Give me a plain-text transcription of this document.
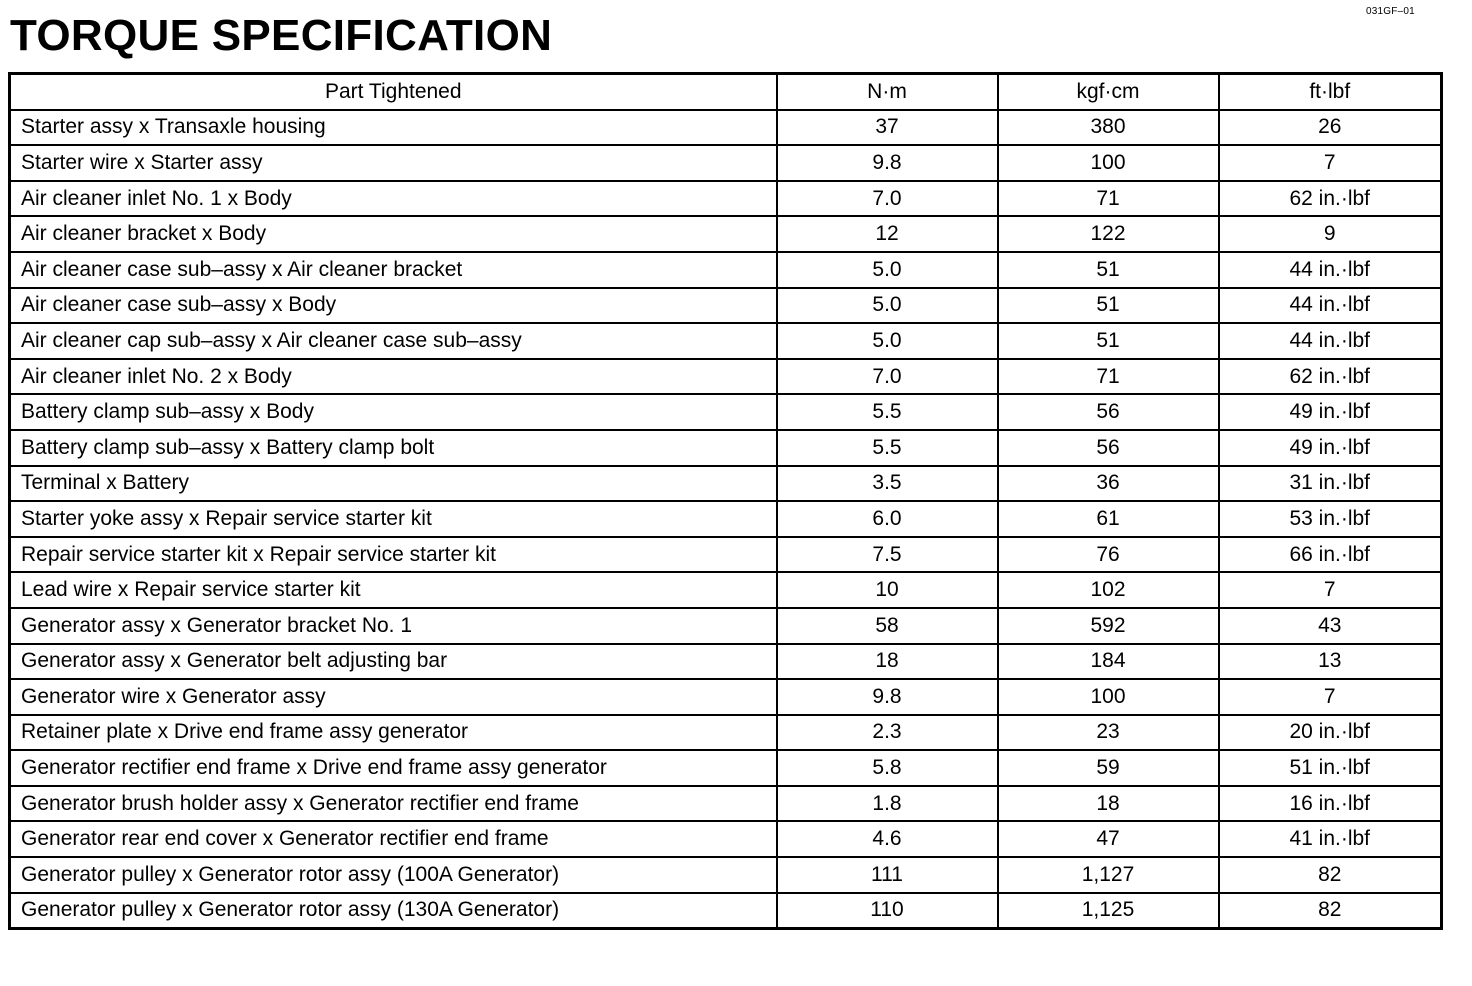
031GF–01
TORQUE SPECIFICATION
Part Tightened	N·m	kgf·cm	ft·lbf
Starter assy x Transaxle housing	37	380	26
Starter wire x Starter assy	9.8	100	7
Air cleaner inlet No. 1 x Body	7.0	71	62 in.·lbf
Air cleaner bracket x Body	12	122	9
Air cleaner case sub–assy x Air cleaner bracket	5.0	51	44 in.·lbf
Air cleaner case sub–assy x Body	5.0	51	44 in.·lbf
Air cleaner cap sub–assy x Air cleaner case sub–assy	5.0	51	44 in.·lbf
Air cleaner inlet No. 2 x Body	7.0	71	62 in.·lbf
Battery clamp sub–assy x Body	5.5	56	49 in.·lbf
Battery clamp sub–assy x Battery clamp bolt	5.5	56	49 in.·lbf
Terminal x Battery	3.5	36	31 in.·lbf
Starter yoke assy x Repair service starter kit	6.0	61	53 in.·lbf
Repair service starter kit x Repair service starter kit	7.5	76	66 in.·lbf
Lead wire x Repair service starter kit	10	102	7
Generator assy x Generator bracket No. 1	58	592	43
Generator assy x Generator belt adjusting bar	18	184	13
Generator wire x Generator assy	9.8	100	7
Retainer plate x Drive end frame assy generator	2.3	23	20 in.·lbf
Generator rectifier end frame x Drive end frame assy generator	5.8	59	51 in.·lbf
Generator brush holder assy x Generator rectifier end frame	1.8	18	16 in.·lbf
Generator rear end cover x Generator rectifier end frame	4.6	47	41 in.·lbf
Generator pulley x Generator rotor assy (100A Generator)	111	1,127	82
Generator pulley x Generator rotor assy (130A Generator)	110	1,125	82
